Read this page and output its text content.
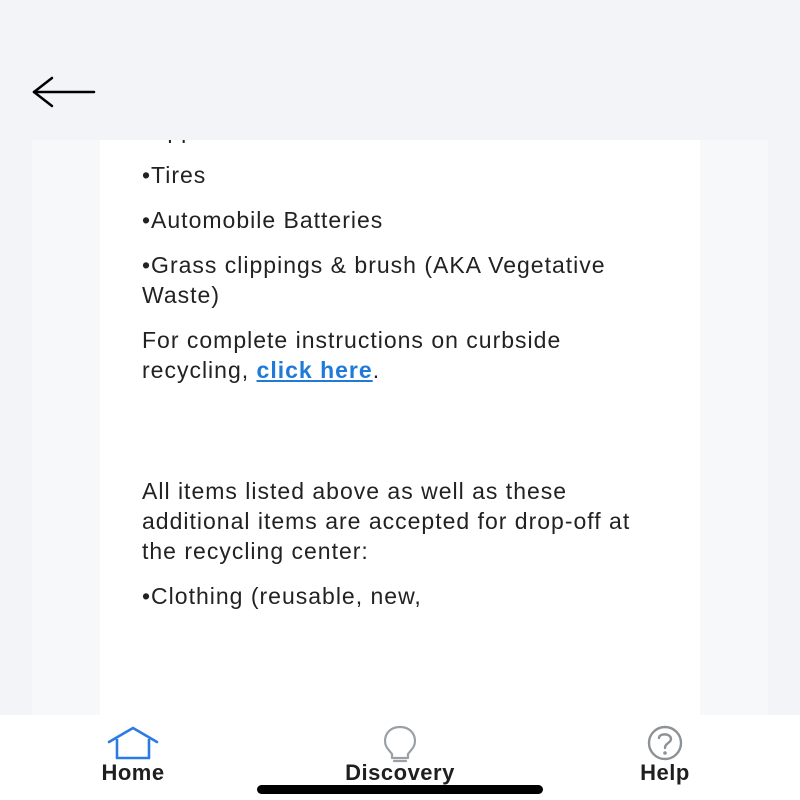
•Tires

•Automobile Batteries

•Grass clippings & brush (AKA Vegetative Waste)

For complete instructions on curbside recycling, click here.

All items listed above as well as these additional items are accepted for drop-off at the recycling center:

•Clothing (reusable, new,

Home	Discovery	Help
